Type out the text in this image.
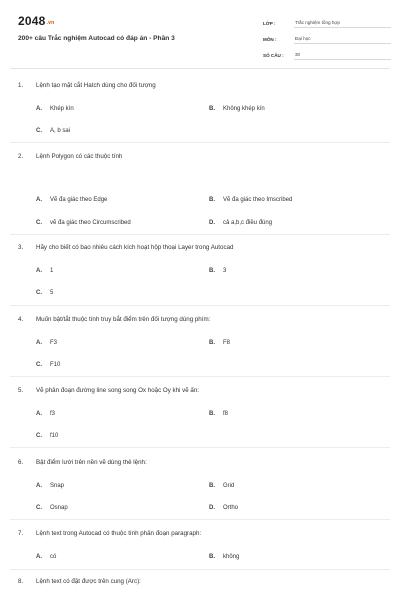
2048.vn
200+ câu Trắc nghiệm Autocad có đáp án - Phần 3
LỚP :	Trắc nghiệm tổng hợp
MÔN :	Đại học
SỐ CÂU :	30
1.	Lệnh tạo mặt cắt Hatch dùng cho đối tượng
A.	Khép kín	B.	Không khép kín
C.	A, b sai
2.	Lệnh Polygon có các thuộc tính
A.	Vẽ đa giác theo Edge	B.	Vẽ đa giác theo Imscribed
C.	vẽ đa giác theo Circumscribed	D.	cả a,b,c điều đúng
3.	Hãy cho biết có bao nhiêu cách kích hoạt hộp thoại Layer trong Autocad
A.	1	B.	3
C.	5
4.	Muốn bật/tắt thuộc tính truy bắt điểm trên đối tượng dùng phím:
A.	F3	B.	F8
C.	F10
5.	Vẽ phân đoạn đường line song song Ox hoặc Oy khi vẽ ấn:
A.	f3	B.	f8
C.	f10
6.	Bật điểm lưới trên nền vẽ dùng thẻ lệnh:
A.	Snap	B.	Grid
C.	Osnap	D.	Ortho
7.	Lệnh text trong Autocad có thuộc tính phân đoạn paragraph:
A.	có	B.	không
8.	Lệnh text có đặt được trên cung (Arc):
